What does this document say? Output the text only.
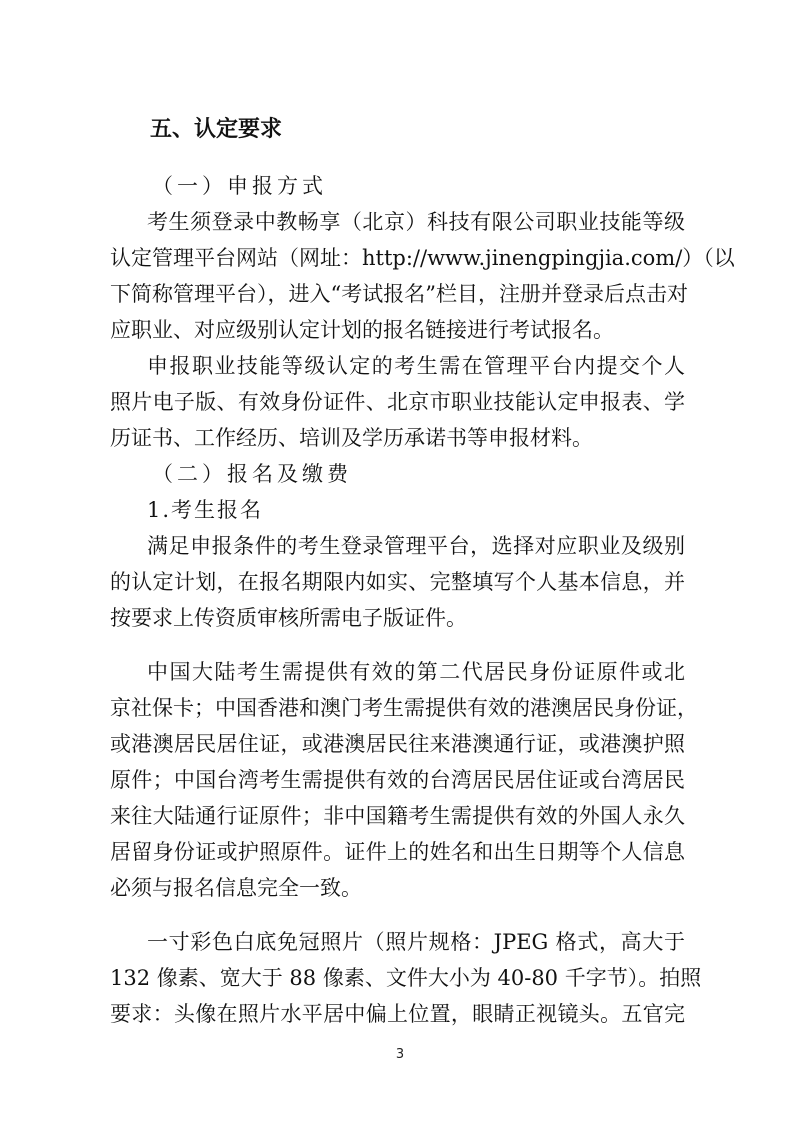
五、认定要求
（一）申报方式
考生须登录中教畅享（北京）科技有限公司职业技能等级
认定管理平台网站（网址：http://www.jinengpingjia.com/）（以
下简称管理平台），进入“考试报名”栏目，注册并登录后点击对
应职业、对应级别认定计划的报名链接进行考试报名。
申报职业技能等级认定的考生需在管理平台内提交个人
照片电子版、有效身份证件、北京市职业技能认定申报表、学
历证书、工作经历、培训及学历承诺书等申报材料。
（二）报名及缴费
1.考生报名
满足申报条件的考生登录管理平台，选择对应职业及级别
的认定计划，在报名期限内如实、完整填写个人基本信息，并
按要求上传资质审核所需电子版证件。
中国大陆考生需提供有效的第二代居民身份证原件或北
京社保卡；中国香港和澳门考生需提供有效的港澳居民身份证，
或港澳居民居住证，或港澳居民往来港澳通行证，或港澳护照
原件；中国台湾考生需提供有效的台湾居民居住证或台湾居民
来往大陆通行证原件；非中国籍考生需提供有效的外国人永久
居留身份证或护照原件。证件上的姓名和出生日期等个人信息
必须与报名信息完全一致。
一寸彩色白底免冠照片（照片规格：JPEG 格式，高大于
132 像素、宽大于 88 像素、文件大小为 40-80 千字节）。拍照
要求：头像在照片水平居中偏上位置，眼睛正视镜头。五官完
3
